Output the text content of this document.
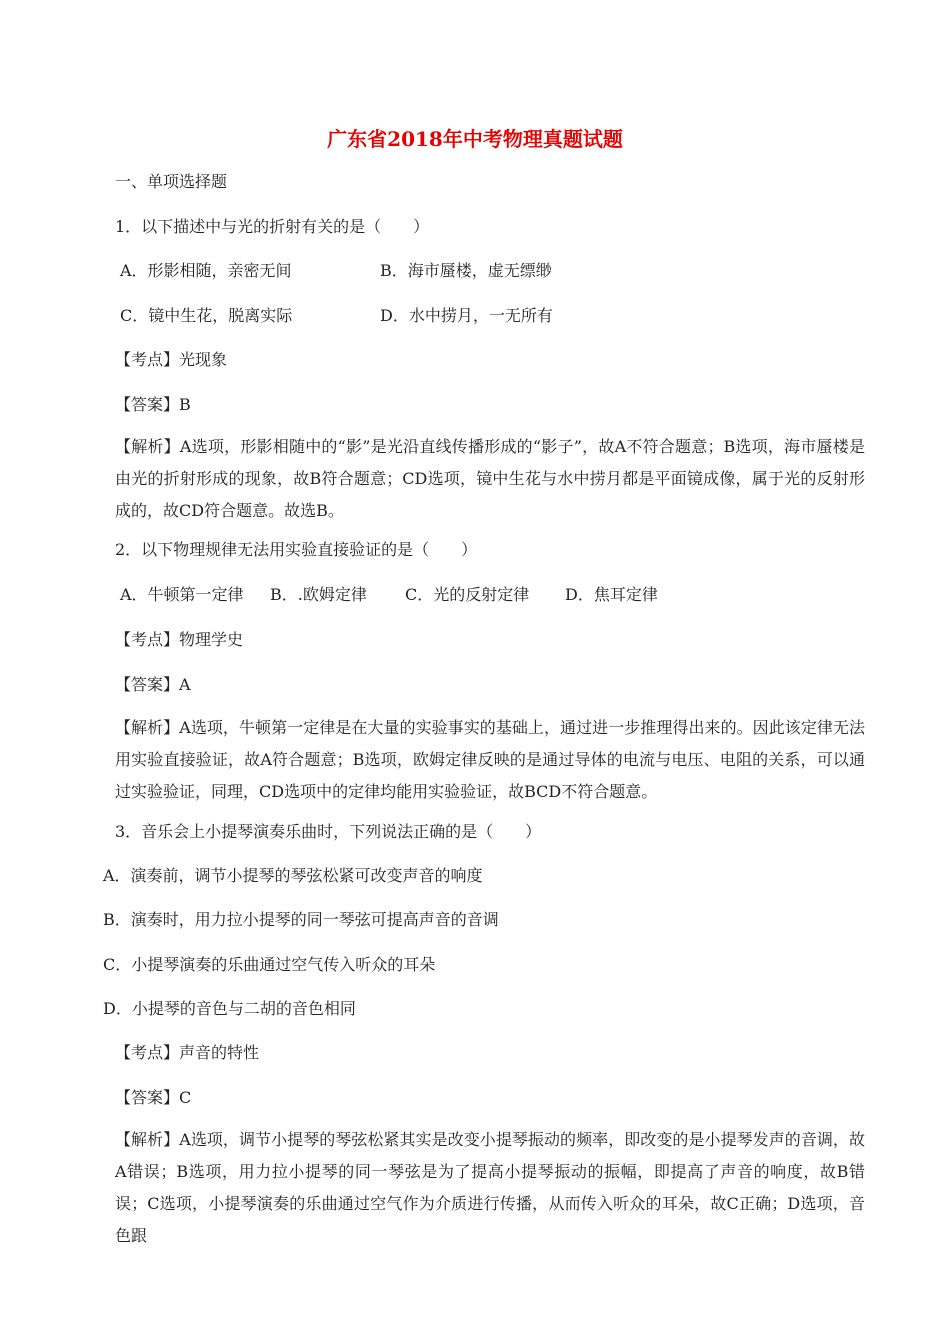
广东省2018年中考物理真题试题
一、单项选择题
1．以下描述中与光的折射有关的是（　　）
A．形影相随，亲密无间	B．海市蜃楼，虚无缥缈
C．镜中生花，脱离实际	D．水中捞月，一无所有
【考点】光现象
【答案】B
【解析】A选项，形影相随中的“影”是光沿直线传播形成的“影子”，故A不符合题意；B选项，海市蜃楼是由光的折射形成的现象，故B符合题意；CD选项，镜中生花与水中捞月都是平面镜成像，属于光的反射形成的，故CD符合题意。故选B。
2．以下物理规律无法用实验直接验证的是（　　）
A．牛顿第一定律 B．.欧姆定律 C．光的反射定律 D．焦耳定律
【考点】物理学史
【答案】A
【解析】A选项，牛顿第一定律是在大量的实验事实的基础上，通过进一步推理得出来的。因此该定律无法用实验直接验证，故A符合题意；B选项，欧姆定律反映的是通过导体的电流与电压、电阻的关系，可以通过实验验证，同理，CD选项中的定律均能用实验验证，故BCD不符合题意。
3．音乐会上小提琴演奏乐曲时，下列说法正确的是（　　）
A．演奏前，调节小提琴的琴弦松紧可改变声音的响度
B．演奏时，用力拉小提琴的同一琴弦可提高声音的音调
C．小提琴演奏的乐曲通过空气传入听众的耳朵
D．小提琴的音色与二胡的音色相同
【考点】声音的特性
【答案】C
【解析】A选项，调节小提琴的琴弦松紧其实是改变小提琴振动的频率，即改变的是小提琴发声的音调，故A错误；B选项，用力拉小提琴的同一琴弦是为了提高小提琴振动的振幅，即提高了声音的响度，故B错误；C选项，小提琴演奏的乐曲通过空气作为介质进行传播，从而传入听众的耳朵，故C正确；D选项，音色跟
